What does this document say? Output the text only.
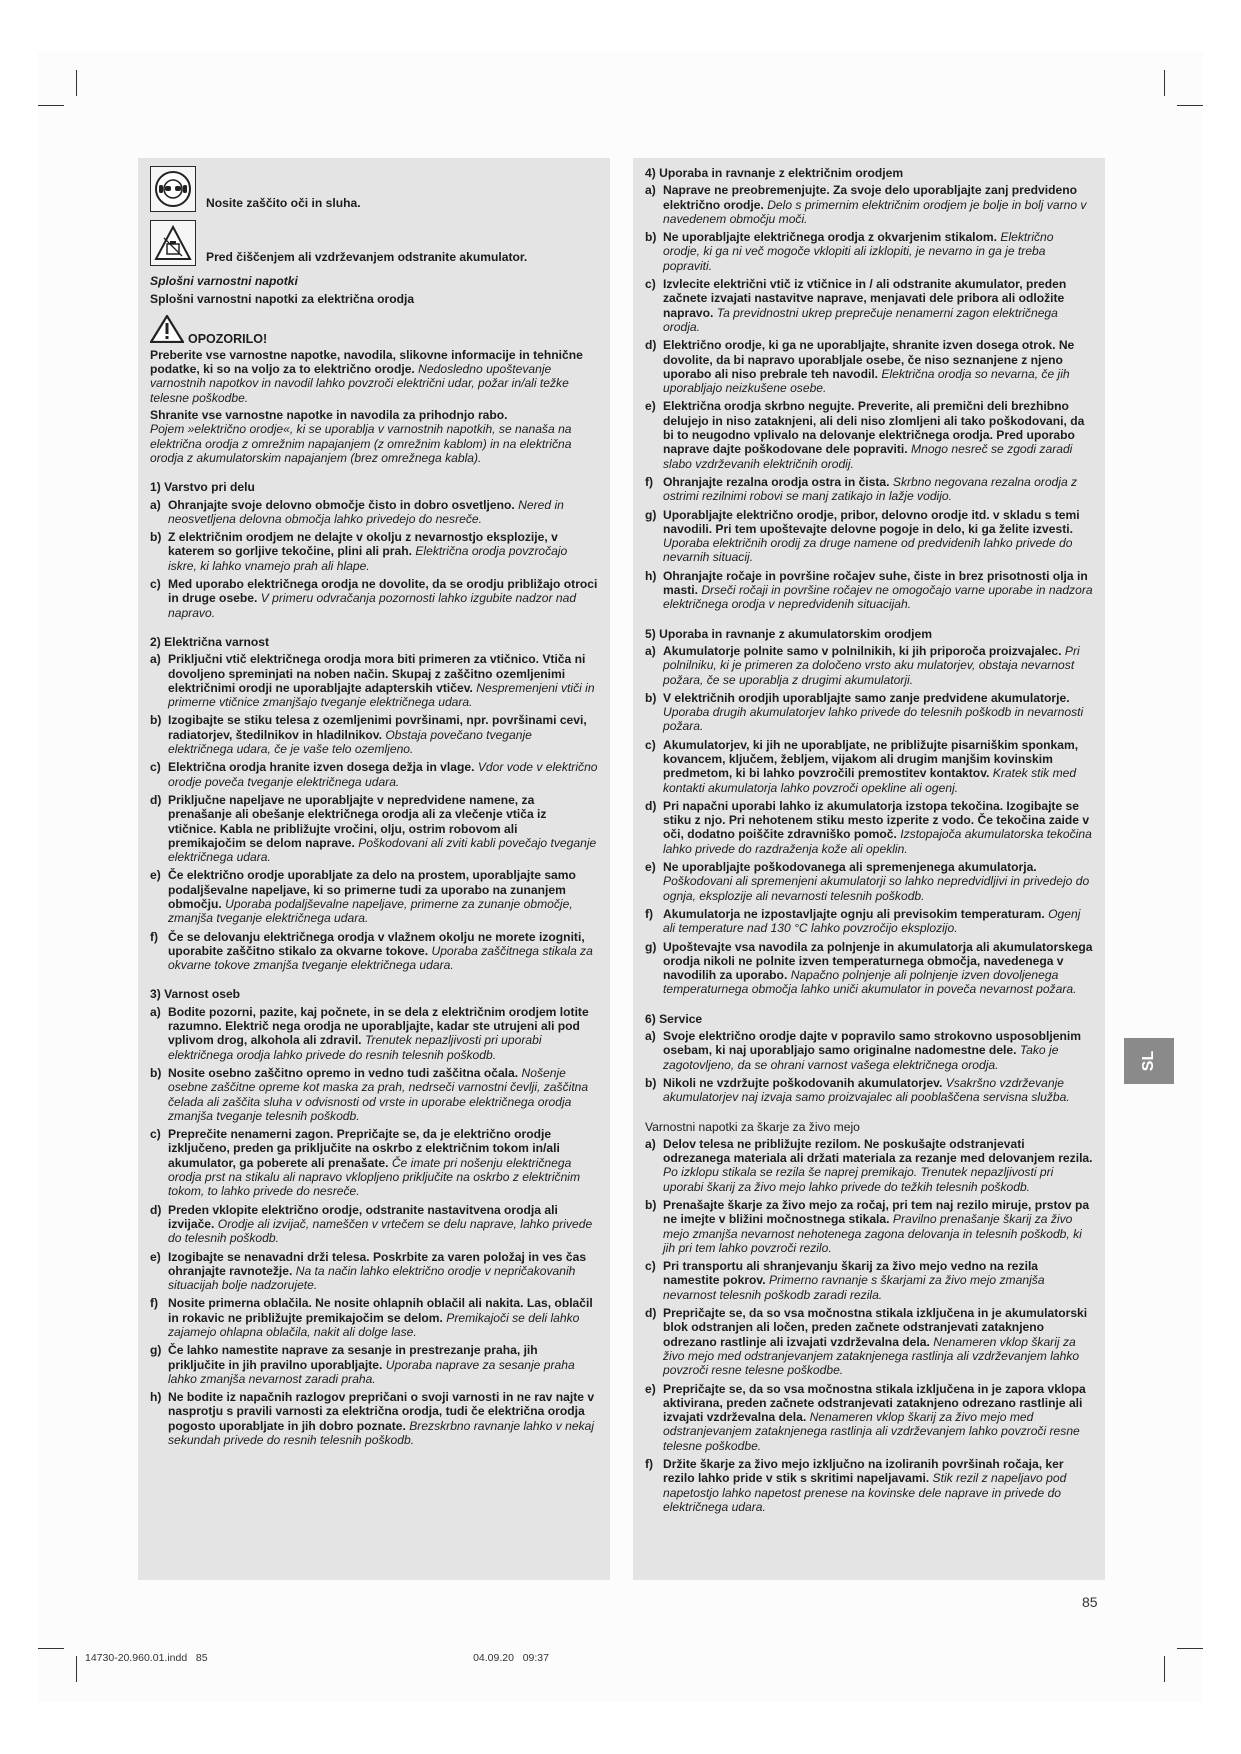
Nosite zaščito oči in sluha.
Pred čiščenjem ali vzdrževanjem odstranite akumulator.
Splošni varnostni napotki
Splošni varnostni napotki za električna orodja
OPOZORILO!
Preberite vse varnostne napotke, navodila, slikovne informacije in tehnične podatke, ki so na voljo za to električno orodje. Nedosledno upoštevanje varnostnih napotkov in navodil lahko povzroči električni udar, požar in/ali težke telesne poškodbe.
Shranite vse varnostne napotke in navodila za prihodnjo rabo.
Pojem »električno orodje«, ki se uporablja v varnostnih napotkih, se nanaša na električna orodja z omrežnim napajanjem (z omrežnim kablom) in na električna orodja z akumulatorskim napajanjem (brez omrežnega kabla).
1) Varstvo pri delu
a) Ohranjajte svoje delovno območje čisto in dobro osvetljeno. Nered in neosvetljena delovna območja lahko privedejo do nesreče.
b) Z električnim orodjem ne delajte v okolju z nevarnostjo eksplozije, v katerem so gorljive tekočine, plini ali prah. Električna orodja povzročajo iskre, ki lahko vnamejo prah ali hlape.
c) Med uporabo električnega orodja ne dovolite, da se orodju približajo otroci in druge osebe. V primeru odvračanja pozornosti lahko izgubite nadzor nad napravo.
2) Električna varnost
a) Priključni vtič električnega orodja mora biti primeren za vtičnico. Vtiča ni dovoljeno spreminjati na noben način. Skupaj z zaščitno ozemljenimi električnimi orodji ne uporabljajte adapterskih vtičev. Nespremenjeni vtiči in primerne vtičnice zmanjšajo tveganje električnega udara.
b) Izogibajte se stiku telesa z ozemljenimi površinami, npr. površinami cevi, radiatorjev, štedilnikov in hladilnikov. Obstaja povečano tveganje električnega udara, če je vaše telo ozemljeno.
c) Električna orodja hranite izven dosega dežja in vlage. Vdor vode v električno orodje poveča tveganje električnega udara.
d) Priključne napeljave ne uporabljajte v nepredvidene namene, za prenašanje ali obešanje električnega orodja ali za vlečenje vtiča iz vtičnice. Kabla ne približujte vročini, olju, ostrim robovom ali premikajočim se delom naprave. Poškodovani ali zviti kabli povečajo tveganje električnega udara.
e) Če električno orodje uporabljate za delo na prostem, uporabljajte samo podaljševalne napeljave, ki so primerne tudi za uporabo na zunanjem območju. Uporaba podaljševalne napeljave, primerne za zunanje območje, zmanjša tveganje električnega udara.
f) Če se delovanju električnega orodja v vlažnem okolju ne morete izogniti, uporabite zaščitno stikalo za okvarne tokove. Uporaba zaščitnega stikala za okvarne tokove zmanjša tveganje električnega udara.
3) Varnost oseb
a) Bodite pozorni, pazite, kaj počnete, in se dela z električnim orodjem lotite razumno. Električ nega orodja ne uporabljajte, kadar ste utrujeni ali pod vplivom drog, alkohola ali zdravil. Trenutek nepazljivosti pri uporabi električnega orodja lahko privede do resnih telesnih poškodb.
b) Nosite osebno zaščitno opremo in vedno tudi zaščitna očala. Nošenje osebne zaščitne opreme kot maska za prah, nedrseči varnostni čevlji, zaščitna čelada ali zaščita sluha v odvisnosti od vrste in uporabe električnega orodja zmanjša tveganje telesnih poškodb.
c) Preprečite nenamerni zagon. Prepričajte se, da je električno orodje izključeno, preden ga priključite na oskrbo z električnim tokom in/ali akumulator, ga poberete ali prenašate. Če imate pri nošenju električnega orodja prst na stikalu ali napravo vklopljeno priključite na oskrbo z električnim tokom, to lahko privede do nesreče.
d) Preden vklopite električno orodje, odstranite nastavitvena orodja ali izvijače. Orodje ali izvijač, nameščen v vrtečem se delu naprave, lahko privede do telesnih poškodb.
e) Izogibajte se nenavadni drži telesa. Poskrbite za varen položaj in ves čas ohranjajte ravnotežje. Na ta način lahko električno orodje v nepričakovanih situacijah bolje nadzorujete.
f) Nosite primerna oblačila. Ne nosite ohlapnih oblačil ali nakita. Las, oblačil in rokavic ne približujte premikajočim se delom. Premikajoči se deli lahko zajamejo ohlapna oblačila, nakit ali dolge lase.
g) Če lahko namestite naprave za sesanje in prestrezanje praha, jih priključite in jih pravilno uporabljajte. Uporaba naprave za sesanje praha lahko zmanjša nevarnost zaradi praha.
h) Ne bodite iz napačnih razlogov prepričani o svoji varnosti in ne rav najte v nasprotju s pravili varnosti za električna orodja, tudi če električna orodja pogosto uporabljate in jih dobro poznate. Brezskrbno ravnanje lahko v nekaj sekundah privede do resnih telesnih poškodb.
4) Uporaba in ravnanje z električnim orodjem
a) Naprave ne preobremenjujte. Za svoje delo uporabljajte zanj predvideno električno orodje. Delo s primernim električnim orodjem je bolje in bolj varno v navedenem območju moči.
b) Ne uporabljajte električnega orodja z okvarjenim stikalom. Električno orodje, ki ga ni več mogoče vklopiti ali izklopiti, je nevarno in ga je treba popraviti.
c) Izvlecite električni vtič iz vtičnice in / ali odstranite akumulator, preden začnete izvajati nastavitve naprave, menjavati dele pribora ali odložite napravo. Ta previdnostni ukrep preprečuje nenamerni zagon električnega orodja.
d) Električno orodje, ki ga ne uporabljajte, shranite izven dosega otrok. Ne dovolite, da bi napravo uporabljale osebe, če niso seznanjene z njeno uporabo ali niso prebrale teh navodil. Električna orodja so nevarna, če jih uporabljajo neizkušene osebe.
e) Električna orodja skrbno negujte. Preverite, ali premični deli brezhibno delujejo in niso zataknjeni, ali deli niso zlomljeni ali tako poškodovani, da bi to neugodno vplivalo na delovanje električnega orodja. Pred uporabo naprave dajte poškodovane dele popraviti. Mnogo nesreč se zgodi zaradi slabo vzdrževanih električnih orodij.
f) Ohranjajte rezalna orodja ostra in čista. Skrbno negovana rezalna orodja z ostrimi rezilnimi robovi se manj zatikajo in lažje vodijo.
g) Uporabljajte električno orodje, pribor, delovno orodje itd. v skladu s temi navodili. Pri tem upoštevajte delovne pogoje in delo, ki ga želite izvesti. Uporaba električnih orodij za druge namene od predvidenih lahko privede do nevarnih situacij.
h) Ohranjajte ročaje in površine ročajev suhe, čiste in brez prisotnosti olja in masti. Drseči ročaji in površine ročajev ne omogočajo varne uporabe in nadzora električnega orodja v nepredvidenih situacijah.
5) Uporaba in ravnanje z akumulatorskim orodjem
a) Akumulatorje polnite samo v polnilnikih, ki jih priporoča proizvajalec. Pri polnilniku, ki je primeren za določeno vrsto aku mulatorjev, obstaja nevarnost požara, če se uporablja z drugimi akumulatorji.
b) V električnih orodjih uporabljajte samo zanje predvidene akumulatorje. Uporaba drugih akumulatorjev lahko privede do telesnih poškodb in nevarnosti požara.
c) Akumulatorjev, ki jih ne uporabljate, ne približujte pisarniškim sponkam, kovancem, ključem, žebljem, vijakom ali drugim manjšim kovinskim predmetom, ki bi lahko povzročili premostitev kontaktov. Kratek stik med kontakti akumulatorja lahko povzroči opekline ali ogenj.
d) Pri napačni uporabi lahko iz akumulatorja izstopa tekočina. Izogibajte se stiku z njo. Pri nehotenem stiku mesto izperite z vodo. Če tekočina zaide v oči, dodatno poiščite zdravniško pomoč. Izstopajoča akumulatorska tekočina lahko privede do razdraženja kože ali opeklin.
e) Ne uporabljajte poškodovanega ali spremenjenega akumulatorja. Poškodovani ali spremenjeni akumulatorji so lahko nepredvidljivi in privedejo do ognja, eksplozije ali nevarnosti telesnih poškodb.
f) Akumulatorja ne izpostavljajte ognju ali previsokim temperaturam. Ogenj ali temperature nad 130 °C lahko povzročijo eksplozijo.
g) Upoštevajte vsa navodila za polnjenje in akumulatorja ali akumulatorskega orodja nikoli ne polnite izven temperaturnega območja, navedenega v navodilih za uporabo. Napačno polnjenje ali polnjenje izven dovoljenega temperaturnega območja lahko uniči akumulator in poveča nevarnost požara.
6) Service
a) Svoje električno orodje dajte v popravilo samo strokovno usposobljenim osebam, ki naj uporabljajo samo originalne nadomestne dele. Tako je zagotovljeno, da se ohrani varnost vašega električnega orodja.
b) Nikoli ne vzdržujte poškodovanih akumulatorjev. Vsakršno vzdrževanje akumulatorjev naj izvaja samo proizvajalec ali pooblaščena servisna služba.
Varnostni napotki za škarje za živo mejo
a) Delov telesa ne približujte rezilom. Ne poskušajte odstranjevati odrezanega materiala ali držati materiala za rezanje med delovanjem rezila. Po izklopu stikala se rezila še naprej premikajo. Trenutek nepazljivosti pri uporabi škarij za živo mejo lahko privede do težkih telesnih poškodb.
b) Prenašajte škarje za živo mejo za ročaj, pri tem naj rezilo miruje, prstov pa ne imejte v bližini močnostnega stikala. Pravilno prenašanje škarij za živo mejo zmanjša nevarnost nehotenega zagona delovanja in telesnih poškodb, ki jih pri tem lahko povzroči rezilo.
c) Pri transportu ali shranjevanju škarij za živo mejo vedno na rezila namestite pokrov. Primerno ravnanje s škarjami za živo mejo zmanjša nevarnost telesnih poškodb zaradi rezila.
d) Prepričajte se, da so vsa močnostna stikala izključena in je akumulatorski blok odstranjen ali ločen, preden začnete odstranjevati zataknjeno odrezano rastlinje ali izvajati vzdrževalna dela. Nenameren vklop škarij za živo mejo med odstranjevanjem zataknjenega rastlinja ali vzdrževanjem lahko povzroči resne telesne poškodbe.
e) Prepričajte se, da so vsa močnostna stikala izključena in je zapora vklopa aktivirana, preden začnete odstranjevati zataknjeno odrezano rastlinje ali izvajati vzdrževalna dela. Nenameren vklop škarij za živo mejo med odstranjevanjem zataknjenega rastlinja ali vzdrževanjem lahko povzroči resne telesne poškodbe.
f) Držite škarje za živo mejo izključno na izoliranih površinah ročaja, ker rezilo lahko pride v stik s skritimi napeljavami. Stik rezil z napeljavo pod napetostjo lahko napetost prenese na kovinske dele naprave in privede do električnega udara.
SL
85
14730-20.960.01.indd   85                                                                                           04.09.20   09:37
